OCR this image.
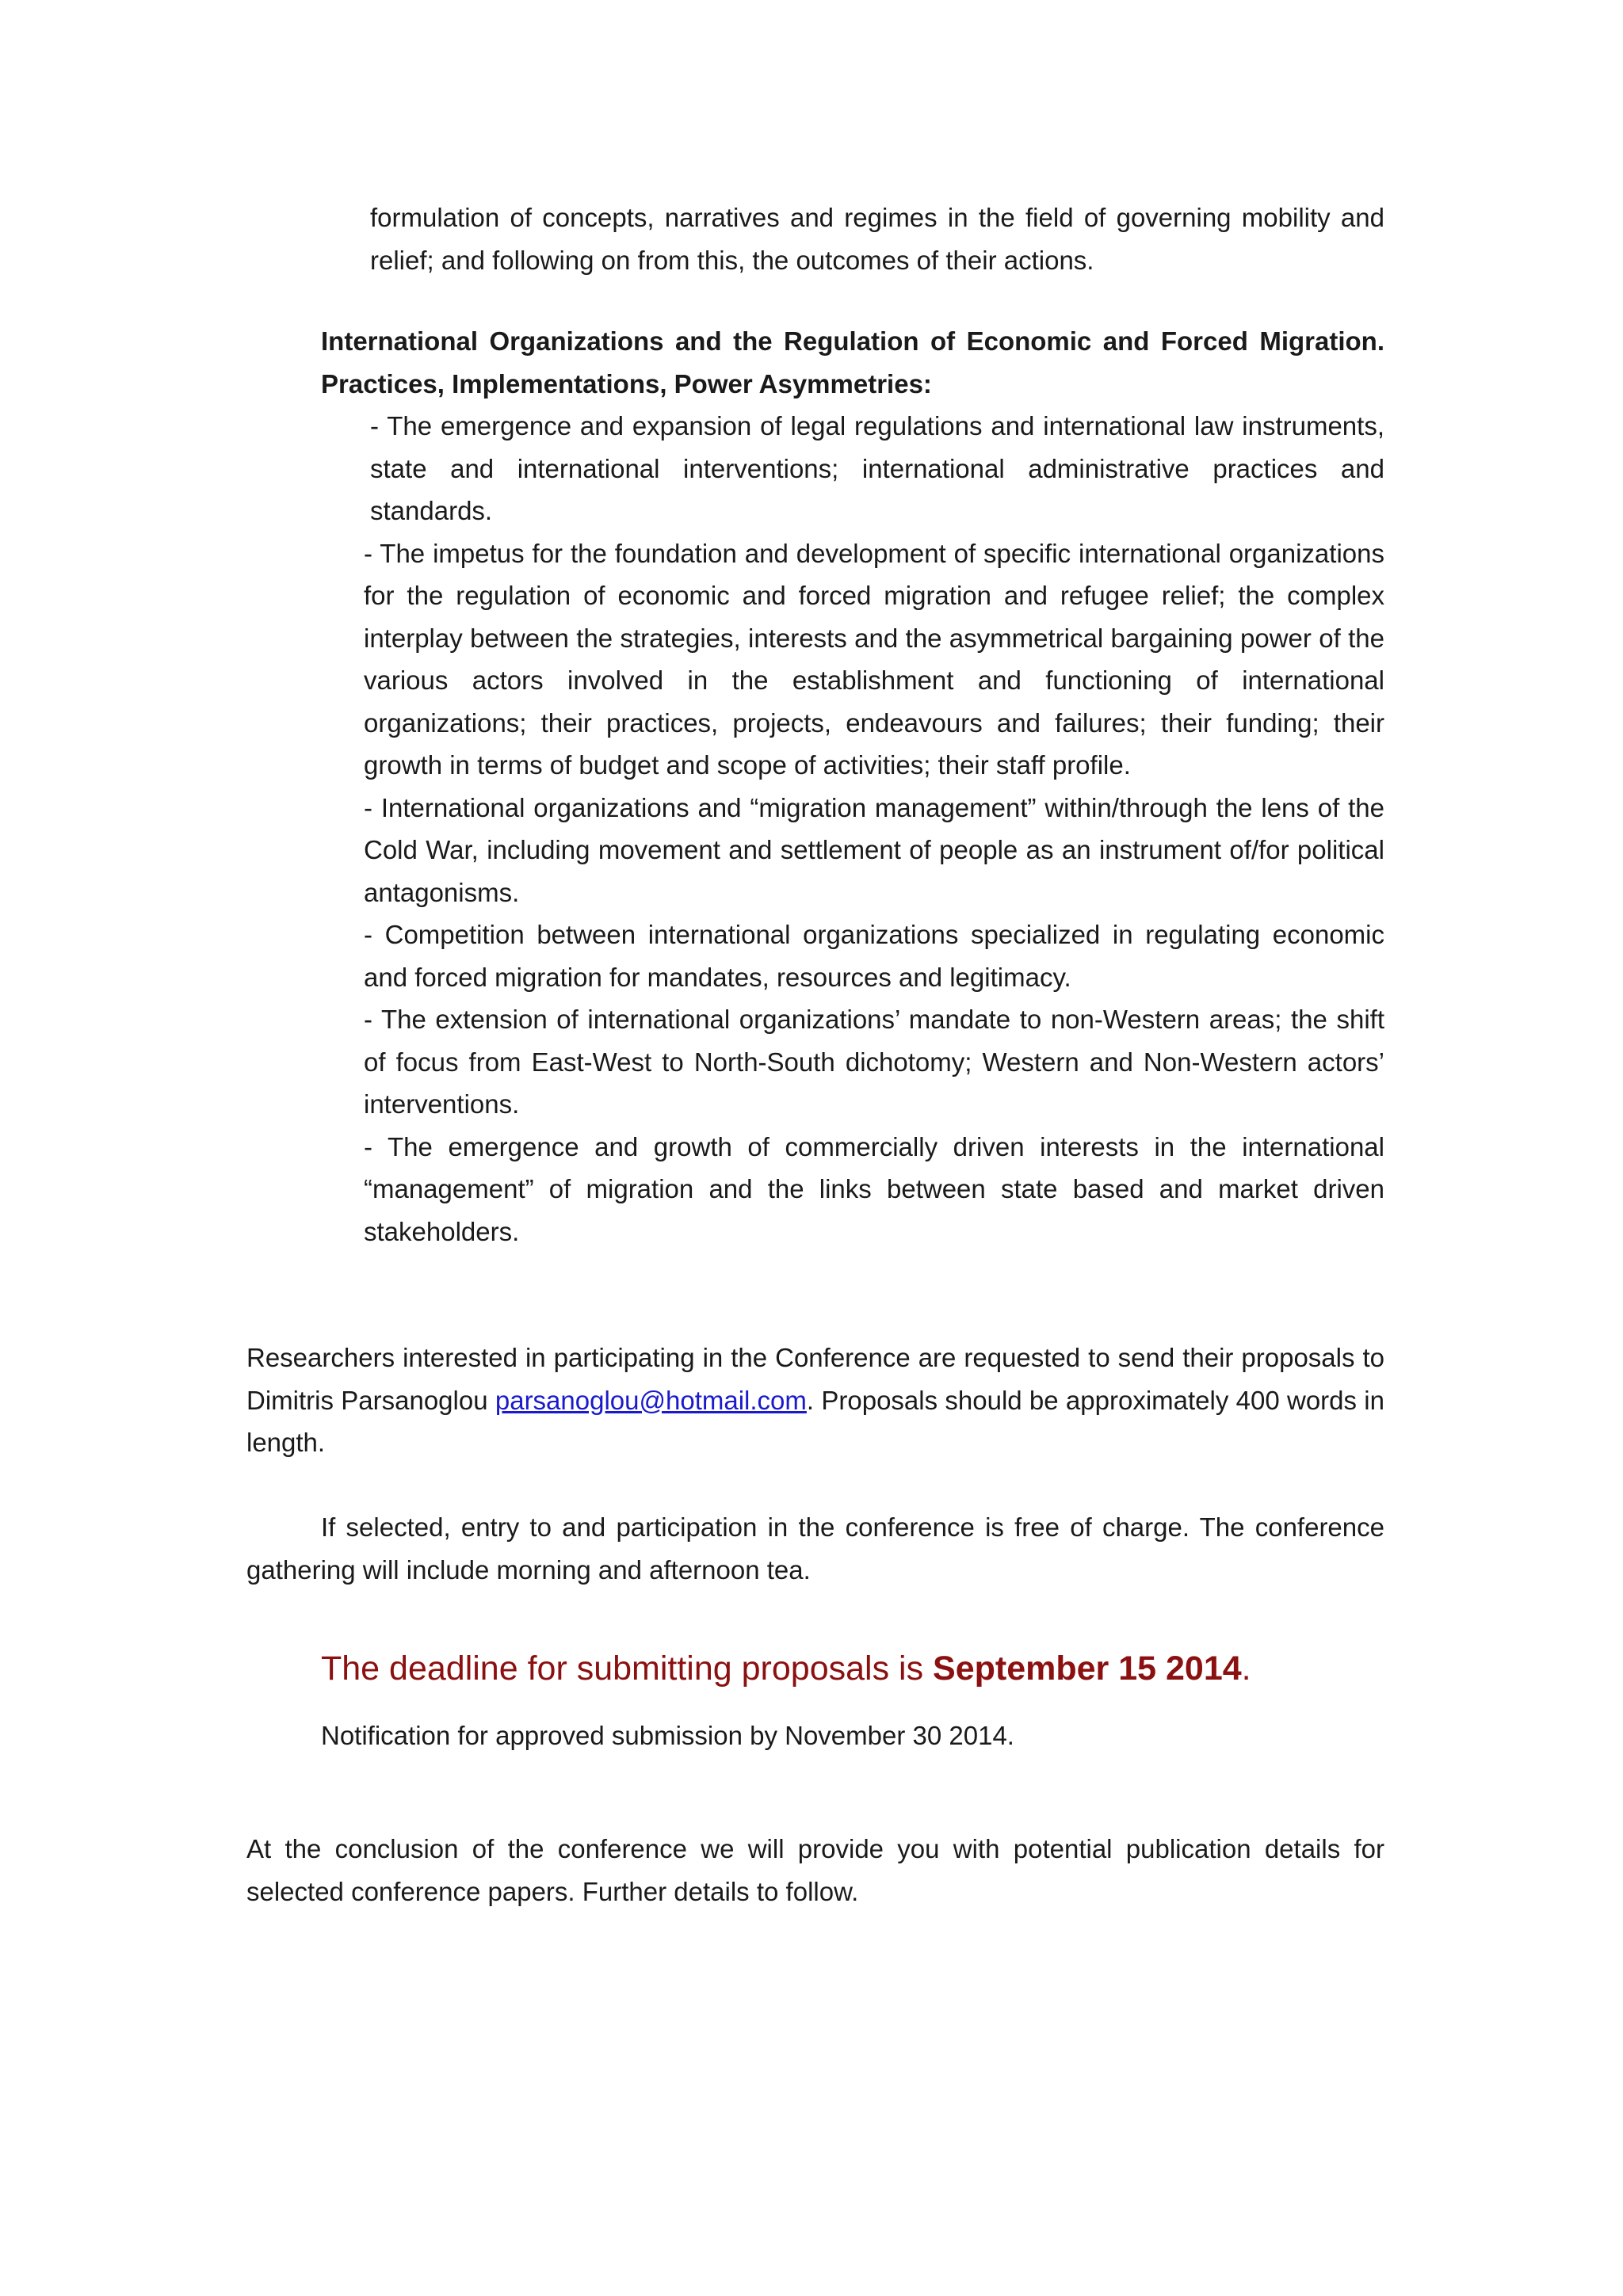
formulation of concepts, narratives and regimes in the field of governing mobility and relief; and following on from this, the outcomes of their actions.

International Organizations and the Regulation of Economic and Forced Migration. Practices, Implementations, Power Asymmetries:

- The emergence and expansion of legal regulations and international law instruments, state and international interventions; international administrative practices and standards.
- The impetus for the foundation and development of specific international organizations for the regulation of economic and forced migration and refugee relief; the complex interplay between the strategies, interests and the asymmetrical bargaining power of the various actors involved in the establishment and functioning of international organizations; their practices, projects, endeavours and failures; their funding; their growth in terms of budget and scope of activities; their staff profile.
- International organizations and “migration management” within/through the lens of the Cold War, including movement and settlement of people as an instrument of/for political antagonisms.
- Competition between international organizations specialized in regulating economic and forced migration for mandates, resources and legitimacy.
- The extension of international organizations’ mandate to non-Western areas; the shift of focus from East-West to North-South dichotomy; Western and Non-Western actors’ interventions.
- The emergence and growth of commercially driven interests in the international “management” of migration and the links between state based and market driven stakeholders.

Researchers interested in participating in the Conference are requested to send their proposals to Dimitris Parsanoglou parsanoglou@hotmail.com. Proposals should be approximately 400 words in length.

If selected, entry to and participation in the conference is free of charge. The conference gathering will include morning and afternoon tea.

The deadline for submitting proposals is September 15 2014.
Notification for approved submission by November 30 2014.

At the conclusion of the conference we will provide you with potential publication details for selected conference papers. Further details to follow.
